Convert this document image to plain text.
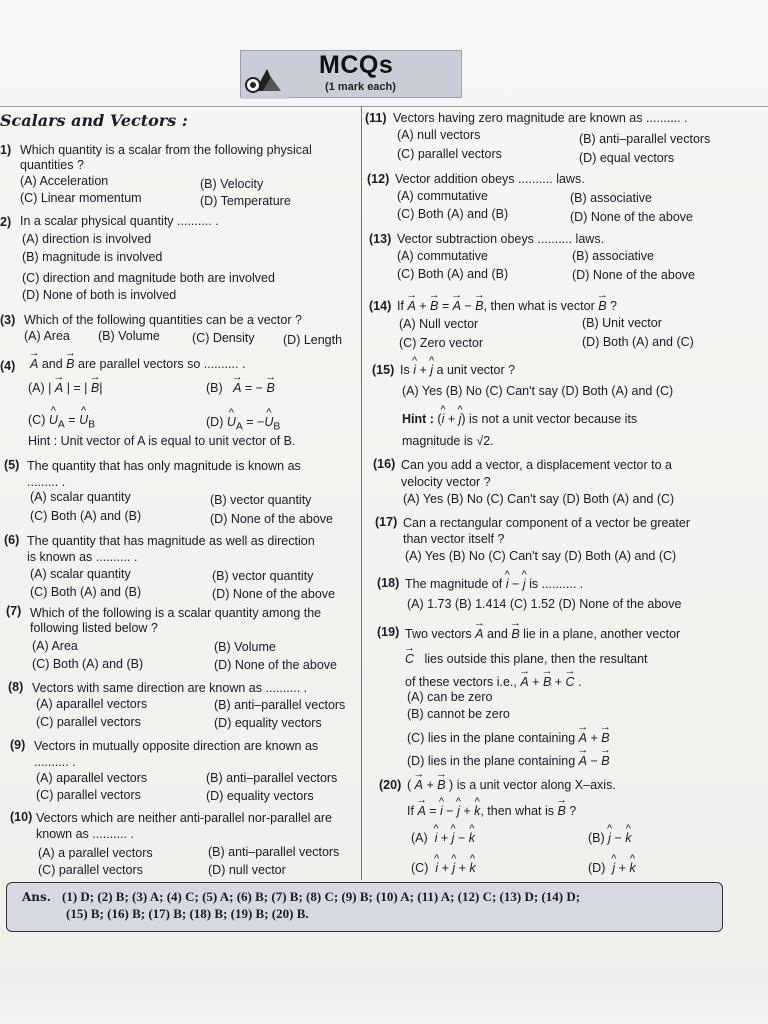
MCQs
(1 mark each)
Scalars and Vectors :
1) Which quantity is a scalar from the following physical
quantities ?
(A) Acceleration	(B) Velocity
(C) Linear momentum	(D) Temperature
2) In a scalar physical quantity .......... .
(A) direction is involved
(B) magnitude is involved
(C) direction and magnitude both are involved
(D) None of both is involved
(3) Which of the following quantities can be a vector ?
(A) Area (B) Volume	(C) Density (D) Length
(4) → A and → B are parallel vectors so .......... .
(A) | → A | = | → B|	(B) → A = − → B
(C) ^ $U_A$ = ^ $U_B$	(D) ^ $U_A$ = −^ $U_B$
Hint : Unit vector of A is equal to unit vector of B.
(5) The quantity that has only magnitude is known as
......... .
(A) scalar quantity	(B) vector quantity
(C) Both (A) and (B)	(D) None of the above
(6) The quantity that has magnitude as well as direction
is known as .......... .
(A) scalar quantity	(B) vector quantity
(C) Both (A) and (B)	(D) None of the above
(7) Which of the following is a scalar quantity among the
following listed below ?
(A) Area	(B) Volume
(C) Both (A) and (B)	(D) None of the above
(8) Vectors with same direction are known as .......... .
(A) aparallel vectors	(B) anti–parallel vectors
(C) parallel vectors	(D) equality vectors
(9) Vectors in mutually opposite direction are known as
.......... .
(A) aparallel vectors	(B) anti–parallel vectors
(C) parallel vectors	(D) equality vectors
(10) Vectors which are neither anti-parallel nor-parallel are
known as .......... .
(A) a parallel vectors	(B) anti–parallel vectors
(C) parallel vectors	(D) null vector
(11) Vectors having zero magnitude are known as .......... .
(A) null vectors	(B) anti–parallel vectors
(C) parallel vectors	(D) equal vectors
(12) Vector addition obeys .......... laws.
(A) commutative	(B) associative
(C) Both (A) and (B)	(D) None of the above
(13) Vector subtraction obeys .......... laws.
(A) commutative	(B) associative
(C) Both (A) and (B)	(D) None of the above
(14) If → A + → B = → A − → B, then what is vector → B ?
(A) Null vector	(B) Unit vector
(C) Zero vector	(D) Both (A) and (C)
(15) Is ^ i + ^ j a unit vector ?
(A) Yes (B) No (C) Can't say (D) Both (A) and (C)
Hint : (^ i + ^ j) is not a unit vector because its
magnitude is √2.
(16) Can you add a vector, a displacement vector to a
velocity vector ?
(A) Yes (B) No (C) Can't say (D) Both (A) and (C)
(17) Can a rectangular component of a vector be greater
than vector itself ?
(A) Yes (B) No (C) Can't say (D) Both (A) and (C)
(18) The magnitude of ^ i − ^ j is .......... .
(A) 1.73 (B) 1.414 (C) 1.52 (D) None of the above
(19) Two vectors → A and → B lie in a plane, another vector
→ C lies outside this plane, then the resultant
of these vectors i.e., → A + → B + → C .
(A) can be zero
(B) cannot be zero
(C) lies in the plane containing → A + → B
(D) lies in the plane containing → A − → B
(20) ( → A + → B ) is a unit vector along X–axis.
If → A = ^ i − ^ j + ^ k, then what is → B ?
(A) ^ i + ^ j − ^ k	(B) ^ j − ^ k
(C) ^ i + ^ j + ^ k	(D) ^ j + ^ k
Ans. (1) D; (2) B; (3) A; (4) C; (5) A; (6) B; (7) B; (8) C; (9) B; (10) A; (11) A; (12) C; (13) D; (14) D;
(15) B; (16) B; (17) B; (18) B; (19) B; (20) B.
